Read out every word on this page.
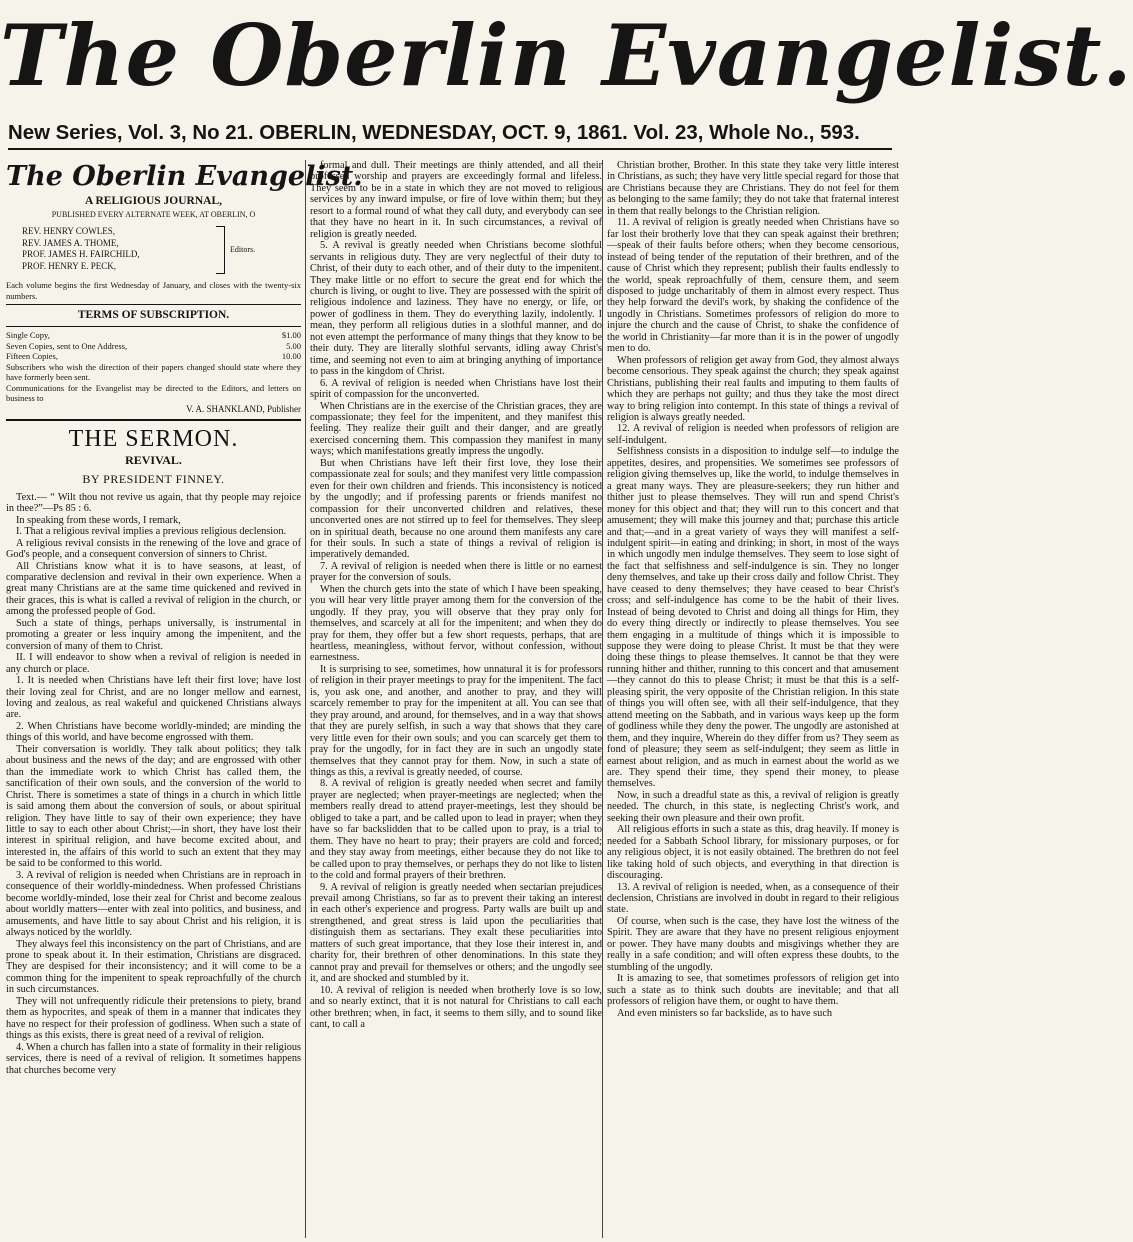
The Oberlin Evangelist.
New Series, Vol. 3, No 21. OBERLIN, WEDNESDAY, OCT. 9, 1861. Vol. 23, Whole No., 593.
The Oberlin Evangelist.
A RELIGIOUS JOURNAL,
PUBLISHED EVERY ALTERNATE WEEK, AT OBERLIN, O
REV. HENRY COWLES,
REV. JAMES A. THOME,
PROF. JAMES H. FAIRCHILD,
PROF. HENRY E. PECK,
Editors.
Each volume begins the first Wednesday of January, and closes with the twenty-six numbers.
TERMS OF SUBSCRIPTION.
Single Copy,	$1.00
Seven Copies, sent to One Address,	5.00
Fifteen Copies,	10.00
Subscribers who wish the direction of their papers changed should state where they have formerly been sent.
Communications for the Evangelist may be directed to the Editors, and letters on business to
V. A. SHANKLAND, Publisher
THE SERMON.
REVIVAL.
BY PRESIDENT FINNEY.

Text.— “ Wilt thou not revive us again, that thy people may rejoice in thee?”—Ps 85 : 6.

In speaking from these words, I remark,

I. That a religious revival implies a previous religious declension.

A religious revival consists in the renewing of the love and grace of God's people, and a consequent conversion of sinners to Christ.

All Christians know what it is to have seasons, at least, of comparative declension and revival in their own experience. When a great many Christians are at the same time quickened and revived in their graces, this is what is called a revival of religion in the church, or among the professed people of God.

Such a state of things, perhaps universally, is instrumental in promoting a greater or less inquiry among the impenitent, and the conversion of many of them to Christ.

II. I will endeavor to show when a revival of religion is needed in any church or place.

1. It is needed when Christians have left their first love; have lost their loving zeal for Christ, and are no longer mellow and earnest, loving and zealous, as real wakeful and quickened Christians always are.

2. When Christians have become worldly-minded; are minding the things of this world, and have become engrossed with them.

Their conversation is worldly. They talk about politics; they talk about business and the news of the day; and are engrossed with other than the immediate work to which Christ has called them, the sanctification of their own souls, and the conversion of the world to Christ. There is sometimes a state of things in a church in which little is said among them about the conversion of souls, or about spiritual religion. They have little to say of their own experience; they have little to say to each other about Christ;—in short, they have lost their interest in spiritual religion, and have become excited about, and interested in, the affairs of this world to such an extent that they may be said to be conformed to this world.

3. A revival of religion is needed when Christians are in reproach in consequence of their worldly-mindedness. When professed Christians become worldly-minded, lose their zeal for Christ and become zealous about worldly matters—enter with zeal into politics, and business, and amusements, and have little to say about Christ and his religion, it is always noticed by the worldly.

They always feel this inconsistency on the part of Christians, and are prone to speak about it. In their estimation, Christians are disgraced. They are despised for their inconsistency; and it will come to be a common thing for the impenitent to speak reproachfully of the church in such circumstances.

They will not unfrequently ridicule their pretensions to piety, brand them as hypocrites, and speak of them in a manner that indicates they have no respect for their profession of godliness. When such a state of things as this exists, there is great need of a revival of religion.

4. When a church has fallen into a state of formality in their religious services, there is need of a revival of religion. It sometimes happens that churches become very

formal and dull. Their meetings are thinly attended, and all their professed worship and prayers are exceedingly formal and lifeless. They seem to be in a state in which they are not moved to religious services by any inward impulse, or fire of love within them; but they resort to a formal round of what they call duty, and everybody can see that they have no heart in it. In such circumstances, a revival of religion is greatly needed.

5. A revival is greatly needed when Christians become slothful servants in religious duty. They are very neglectful of their duty to Christ, of their duty to each other, and of their duty to the impenitent. They make little or no effort to secure the great end for which the church is living, or ought to live. They are possessed with the spirit of religious indolence and laziness. They have no energy, or life, or power of godliness in them. They do everything lazily, indolently. I mean, they perform all religious duties in a slothful manner, and do not even attempt the performance of many things that they know to be their duty. They are literally slothful servants, idling away Christ's time, and seeming not even to aim at bringing anything of importance to pass in the kingdom of Christ.

6. A revival of religion is needed when Christians have lost their spirit of compassion for the unconverted.

When Christians are in the exercise of the Christian graces, they are compassionate; they feel for the impenitent, and they manifest this feeling. They realize their guilt and their danger, and are greatly exercised concerning them. This compassion they manifest in many ways; which manifestations greatly impress the ungodly.

But when Christians have left their first love, they lose their compassionate zeal for souls; and they manifest very little compassion even for their own children and friends. This inconsistency is noticed by the ungodly; and if professing parents or friends manifest no compassion for their unconverted children and relatives, these unconverted ones are not stirred up to feel for themselves. They sleep on in spiritual death, because no one around them manifests any care for their souls. In such a state of things a revival of religion is imperatively demanded.

7. A revival of religion is needed when there is little or no earnest prayer for the conversion of souls.

When the church gets into the state of which I have been speaking, you will hear very little prayer among them for the conversion of the ungodly. If they pray, you will observe that they pray only for themselves, and scarcely at all for the impenitent; and when they do pray for them, they offer but a few short requests, perhaps, that are heartless, meaningless, without fervor, without confession, without earnestness.

It is surprising to see, sometimes, how unnatural it is for professors of religion in their prayer meetings to pray for the impenitent. The fact is, you ask one, and another, and another to pray, and they will scarcely remember to pray for the impenitent at all. You can see that they pray around, and around, for themselves, and in a way that shows that they are purely selfish, in such a way that shows that they care very little even for their own souls; and you can scarcely get them to pray for the ungodly, for in fact they are in such an ungodly state themselves that they cannot pray for them. Now, in such a state of things as this, a revival is greatly needed, of course.

8. A revival of religion is greatly needed when secret and family prayer are neglected; when prayer-meetings are neglected; when the members really dread to attend prayer-meetings, lest they should be obliged to take a part, and be called upon to lead in prayer; when they have so far backslidden that to be called upon to pray, is a trial to them. They have no heart to pray; their prayers are cold and forced; and they stay away from meetings, either because they do not like to be called upon to pray themselves, or perhaps they do not like to listen to the cold and formal prayers of their brethren.

9. A revival of religion is greatly needed when sectarian prejudices prevail among Christians, so far as to prevent their taking an interest in each other's experience and progress. Party walls are built up and strengthened, and great stress is laid upon the peculiarities that distinguish them as sectarians. They exalt these peculiarities into matters of such great importance, that they lose their interest in, and charity for, their brethren of other denominations. In this state they cannot pray and prevail for themselves or others; and the ungodly see it, and are shocked and stumbled by it.

10. A revival of religion is needed when brotherly love is so low, and so nearly extinct, that it is not natural for Christians to call each other brethren; when, in fact, it seems to them silly, and to sound like cant, to call a

Christian brother, Brother. In this state they take very little interest in Christians, as such; they have very little special regard for those that are Christians because they are Christians. They do not feel for them as belonging to the same family; they do not take that fraternal interest in them that really belongs to the Christian religion.

11. A revival of religion is greatly needed when Christians have so far lost their brotherly love that they can speak against their brethren;—speak of their faults before others; when they become censorious, instead of being tender of the reputation of their brethren, and of the cause of Christ which they represent; publish their faults endlessly to the world, speak reproachfully of them, censure them, and seem disposed to judge uncharitably of them in almost every respect. Thus they help forward the devil's work, by shaking the confidence of the ungodly in Christians. Sometimes professors of religion do more to injure the church and the cause of Christ, to shake the confidence of the world in Christianity—far more than it is in the power of ungodly men to do.

When professors of religion get away from God, they almost always become censorious. They speak against the church; they speak against Christians, publishing their real faults and imputing to them faults of which they are perhaps not guilty; and thus they take the most direct way to bring religion into contempt. In this state of things a revival of religion is always greatly needed.

12. A revival of religion is needed when professors of religion are self-indulgent.

Selfishness consists in a disposition to indulge self—to indulge the appetites, desires, and propensities. We sometimes see professors of religion giving themselves up, like the world, to indulge themselves in a great many ways. They are pleasure-seekers; they run hither and thither just to please themselves. They will run and spend Christ's money for this object and that; they will run to this concert and that amusement; they will make this journey and that; purchase this article and that;—and in a great variety of ways they will manifest a self-indulgent spirit—in eating and drinking; in short, in most of the ways in which ungodly men indulge themselves. They seem to lose sight of the fact that selfishness and self-indulgence is sin. They no longer deny themselves, and take up their cross daily and follow Christ. They have ceased to deny themselves; they have ceased to bear Christ's cross; and self-indulgence has come to be the habit of their lives. Instead of being devoted to Christ and doing all things for Him, they do every thing directly or indirectly to please themselves. You see them engaging in a multitude of things which it is impossible to suppose they were doing to please Christ. It must be that they were doing these things to please themselves. It cannot be that they were running hither and thither, running to this concert and that amusement—they cannot do this to please Christ; it must be that this is a self-pleasing spirit, the very opposite of the Christian religion. In this state of things you will often see, with all their self-indulgence, that they attend meeting on the Sabbath, and in various ways keep up the form of godliness while they deny the power. The ungodly are astonished at them, and they inquire, Wherein do they differ from us? They seem as fond of pleasure; they seem as self-indulgent; they seem as little in earnest about religion, and as much in earnest about the world as we are. They spend their time, they spend their money, to please themselves.

Now, in such a dreadful state as this, a revival of religion is greatly needed. The church, in this state, is neglecting Christ's work, and seeking their own pleasure and their own profit.

All religious efforts in such a state as this, drag heavily. If money is needed for a Sabbath School library, for missionary purposes, or for any religious object, it is not easily obtained. The brethren do not feel like taking hold of such objects, and everything in that direction is discouraging.

13. A revival of religion is needed, when, as a consequence of their declension, Christians are involved in doubt in regard to their religious state.

Of course, when such is the case, they have lost the witness of the Spirit. They are aware that they have no present religious enjoyment or power. They have many doubts and misgivings whether they are really in a safe condition; and will often express these doubts, to the stumbling of the ungodly.

It is amazing to see, that sometimes professors of religion get into such a state as to think such doubts are inevitable; and that all professors of religion have them, or ought to have them.

And even ministers so far backslide, as to have such
